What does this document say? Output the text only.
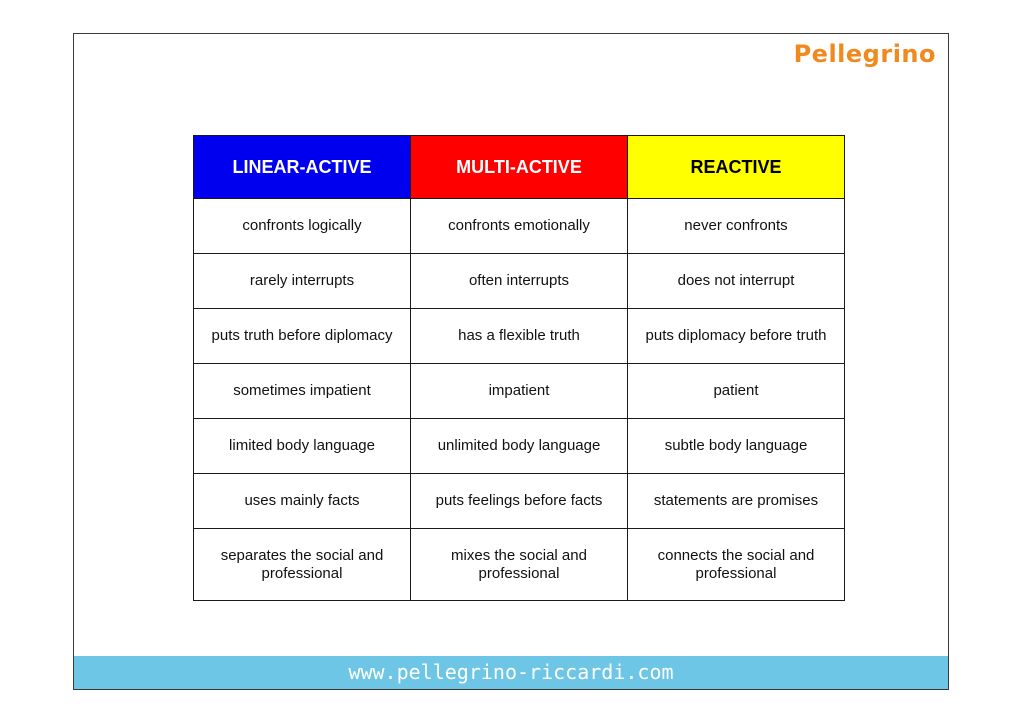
Pellegrino
LINEAR-ACTIVE	MULTI-ACTIVE	REACTIVE
confronts logically	confronts emotionally	never confronts
rarely interrupts	often interrupts	does not interrupt
puts truth before diplomacy	has a flexible truth	puts diplomacy before truth
sometimes impatient	impatient	patient
limited body language	unlimited body language	subtle body language
uses mainly facts	puts feelings before facts	statements are promises
separates the social and professional	mixes the social and professional	connects the social and professional
www.pellegrino-riccardi.com
